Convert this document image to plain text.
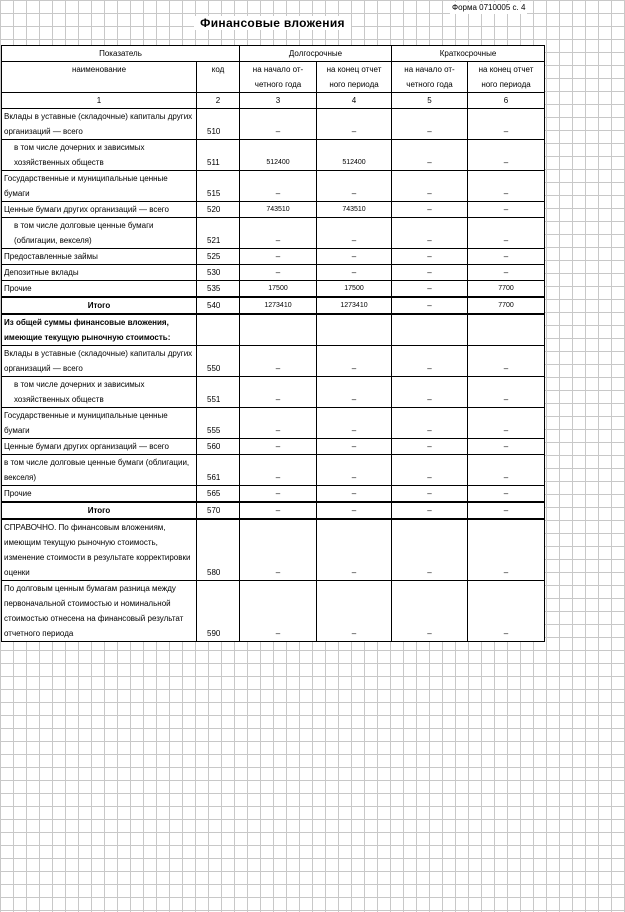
Форма 0710005 с. 4
Финансовые вложения
Показатель		Долгосрочные		Краткосрочные	
наименование	код	на начало от-	на конец отчет	на начало от-	на конец отчет
		четного года	ного периода	четного года	ного периода
1	2	3	4	5	6
Вклады в уставные (складочные) капиталы других организаций — всего	510	–	–	–	–

в том числе дочерних и зависимых хозяйственных обществ	511	512400	512400	–	–
Государственные и муниципальные ценные бумаги	515	–	–	–	–
Ценные бумаги других организаций — всего	520	743510	743510	–	–

в том числе долговые ценные бумаги (облигации, векселя)	521	–	–	–	–
Предоставленные займы	525	–	–	–	–
Депозитные вклады	530	–	–	–	–
Прочие	535	17500	17500	–	7700
Итого	540	1273410	1273410	–	7700
Из общей суммы финансовые вложения, имеющие текущую рыночную стоимость:					
Вклады в уставные (складочные) капиталы других организаций — всего	550	–	–	–	–

в том числе дочерних и зависимых хозяйственных обществ	551	–	–	–	–
Государственные и муниципальные ценные бумаги	555	–	–	–	–
Ценные бумаги других организаций — всего	560	–	–	–	–
в том числе долговые ценные бумаги (облигации, векселя)	561	–	–	–	–
Прочие	565	–	–	–	–
Итого	570	–	–	–	–
СПРАВОЧНО. По финансовым вложениям, имеющим текущую рыночную стоимость, изменение стоимости в результате корректировки оценки	580	–	–	–	–
По долговым ценным бумагам разница между первоначальной стоимостью и номинальной стоимостью отнесена на финансовый результат отчетного периода	590	–	–	–	–
